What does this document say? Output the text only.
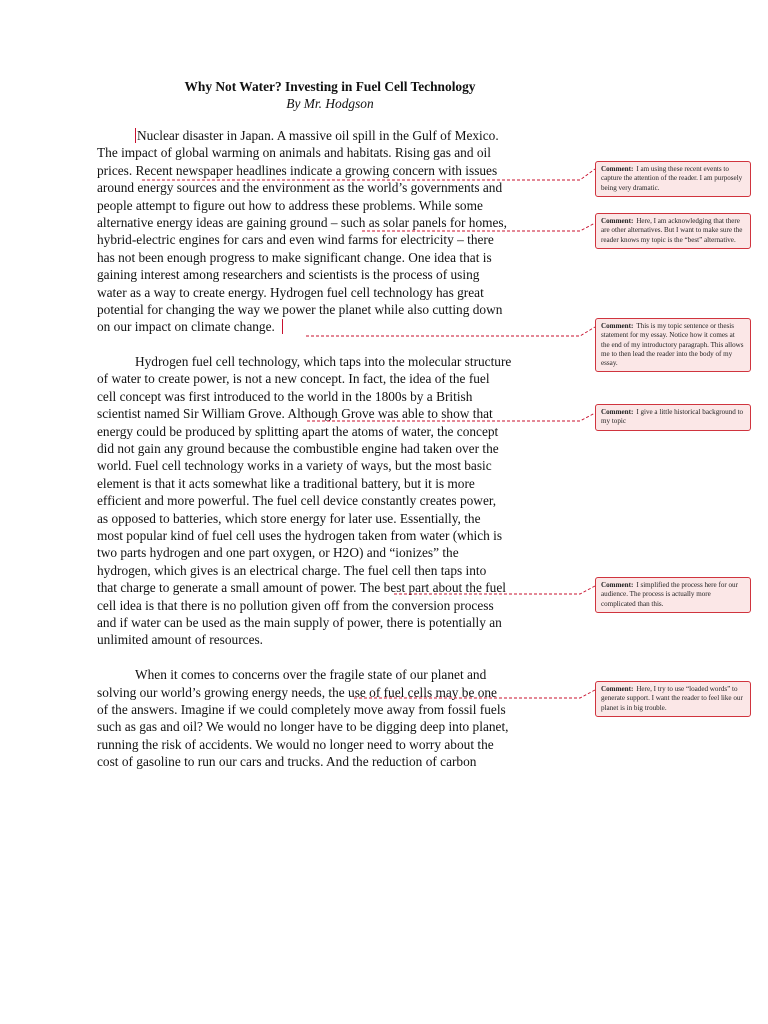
Why Not Water? Investing in Fuel Cell Technology
By Mr. Hodgson
Nuclear disaster in Japan. A massive oil spill in the Gulf of Mexico.
The impact of global warming on animals and habitats. Rising gas and oil
prices. Recent newspaper headlines indicate a growing concern with issues
around energy sources and the environment as the world’s governments and
people attempt to figure out how to address these problems. While some
alternative energy ideas are gaining ground – such as solar panels for homes,
hybrid-electric engines for cars and even wind farms for electricity – there
has not been enough progress to make significant change. One idea that is
gaining interest among researchers and scientists is the process of using
water as a way to create energy. Hydrogen fuel cell technology has great
potential for changing the way we power the planet while also cutting down
on our impact on climate change.
Hydrogen fuel cell technology, which taps into the molecular structure
of water to create power, is not a new concept. In fact, the idea of the fuel
cell concept was first introduced to the world in the 1800s by a British
scientist named Sir William Grove. Although Grove was able to show that
energy could be produced by splitting apart the atoms of water, the concept
did not gain any ground because the combustible engine had taken over the
world. Fuel cell technology works in a variety of ways, but the most basic
element is that it acts somewhat like a traditional battery, but it is more
efficient and more powerful. The fuel cell device constantly creates power,
as opposed to batteries, which store energy for later use. Essentially, the
most popular kind of fuel cell uses the hydrogen taken from water (which is
two parts hydrogen and one part oxygen, or H2O) and “ionizes” the
hydrogen, which gives is an electrical charge. The fuel cell then taps into
that charge to generate a small amount of power. The best part about the fuel
cell idea is that there is no pollution given off from the conversion process
and if water can be used as the main supply of power, there is potentially an
unlimited amount of resources.
When it comes to concerns over the fragile state of our planet and
solving our world’s growing energy needs, the use of fuel cells may be one
of the answers. Imagine if we could completely move away from fossil fuels
such as gas and oil? We would no longer have to be digging deep into planet,
running the risk of accidents. We would no longer need to worry about the
cost of gasoline to run our cars and trucks. And the reduction of carbon
Comment: I am using these recent events to capture the attention of the reader. I am purposely being very dramatic.
Comment: Here, I am acknowledging that there are other alternatives. But I want to make sure the reader knows my topic is the “best” alternative.
Comment: This is my topic sentence or thesis statement for my essay. Notice how it comes at the end of my introductory paragraph. This allows me to then lead the reader into the body of my essay.
Comment: I give a little historical background to my topic
Comment: I simplified the process here for our audience. The process is actually more complicated than this.
Comment: Here, I try to use “loaded words” to generate support. I want the reader to feel like our planet is in big trouble.
